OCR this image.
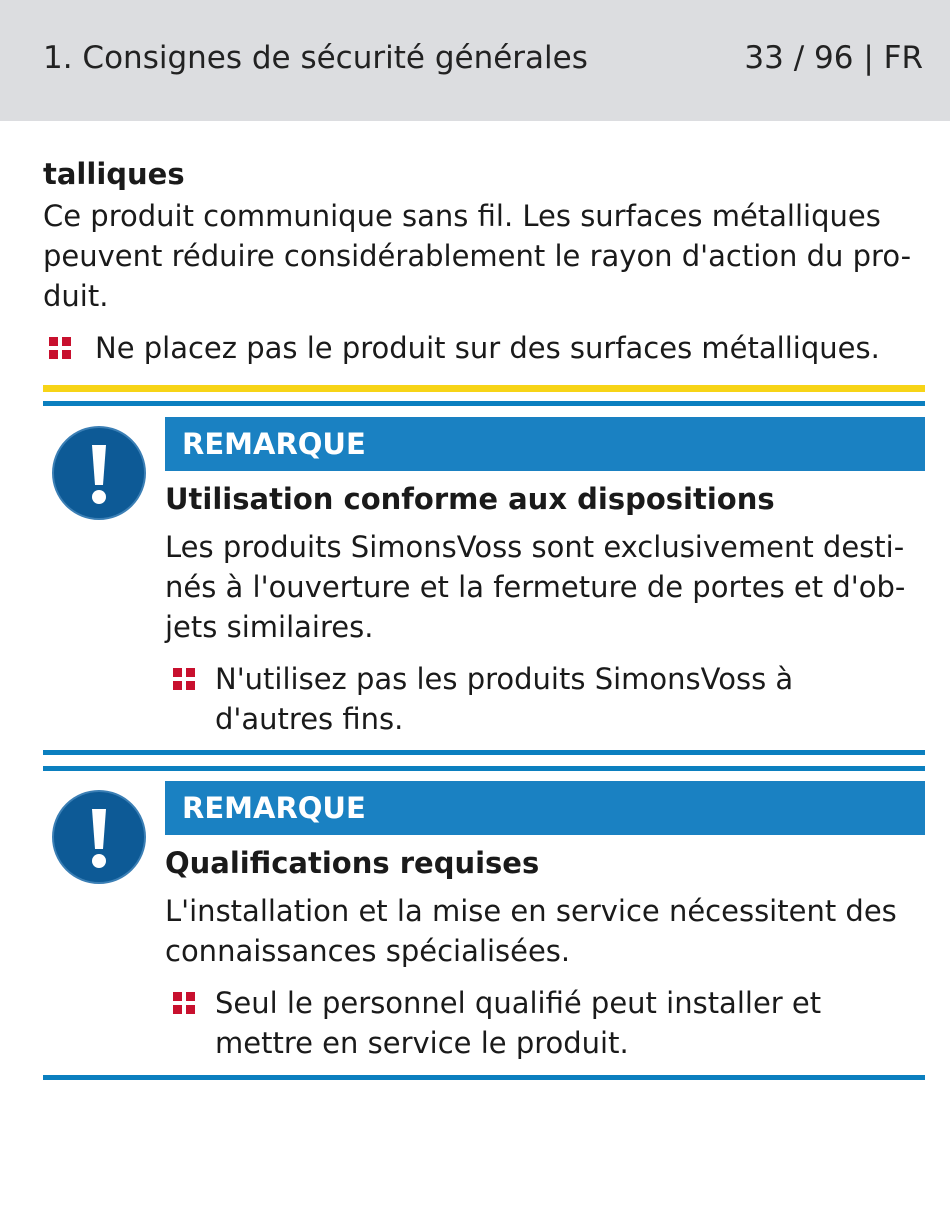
1. Consignes de sécurité générales	33 / 96 | FR

talliques

Ce produit communique sans fil. Les surfaces métalliques
peuvent réduire considérablement le rayon d'action du pro-
duit.

Ne placez pas le produit sur des surfaces métalliques.
REMARQUE
Utilisation conforme aux dispositions
Les produits SimonsVoss sont exclusivement desti-
nés à l'ouverture et la fermeture de portes et d'ob-
jets similaires.
N'utilisez pas les produits SimonsVoss à
d'autres fins.
REMARQUE
Qualifications requises
L'installation et la mise en service nécessitent des
connaissances spécialisées.
Seul le personnel qualifié peut installer et
mettre en service le produit.
